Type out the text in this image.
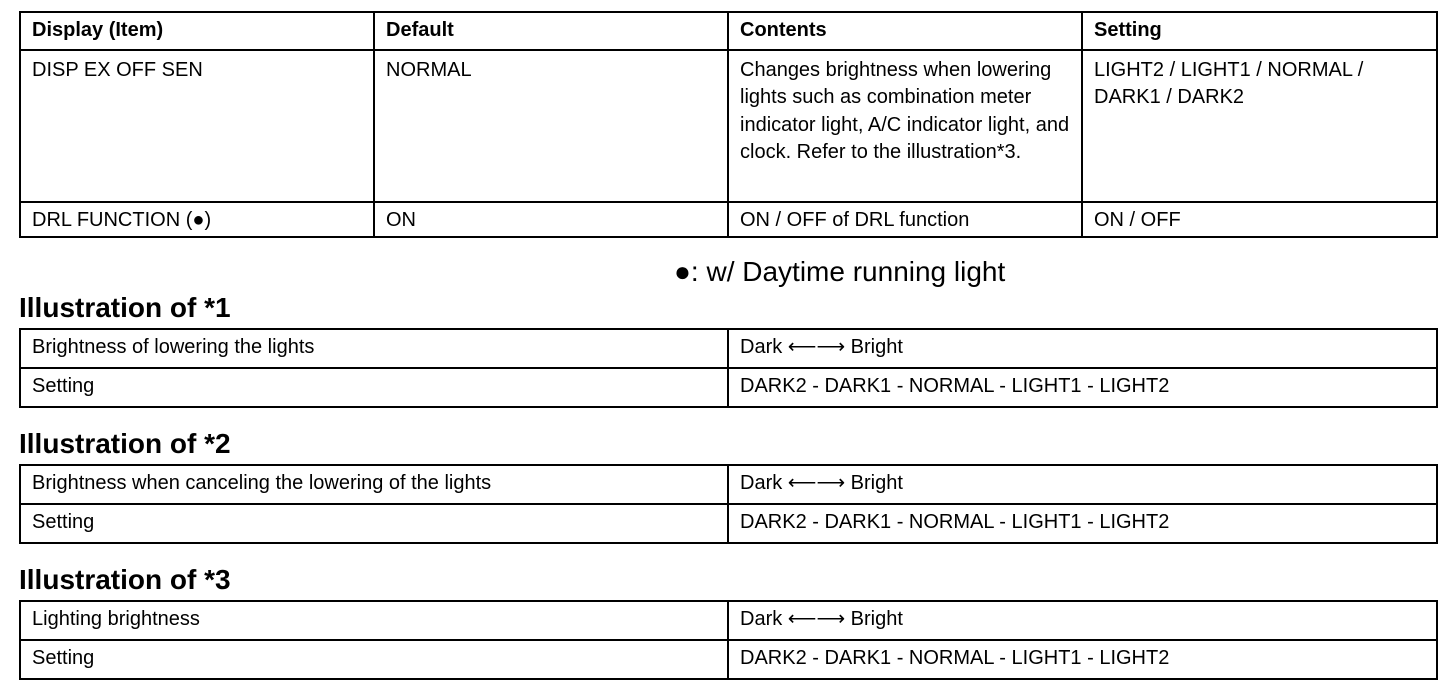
Display (Item)	Default	Contents	Setting
DISP EX OFF SEN	NORMAL	Changes brightness when lowering lights such as combination meter indicator light, A/C indicator light, and clock. Refer to the illustration*3.	LIGHT2 / LIGHT1 / NORMAL / DARK1 / DARK2
DRL FUNCTION (●)	ON	ON / OFF of DRL function	ON / OFF
●: w/ Daytime running light
Illustration of *1
Brightness of lowering the lights	Dark ⟵⟶ Bright
Setting	DARK2 - DARK1 - NORMAL - LIGHT1 - LIGHT2
Illustration of *2
Brightness when canceling the lowering of the lights	Dark ⟵⟶ Bright
Setting	DARK2 - DARK1 - NORMAL - LIGHT1 - LIGHT2
Illustration of *3
Lighting brightness	Dark ⟵⟶ Bright
Setting	DARK2 - DARK1 - NORMAL - LIGHT1 - LIGHT2
